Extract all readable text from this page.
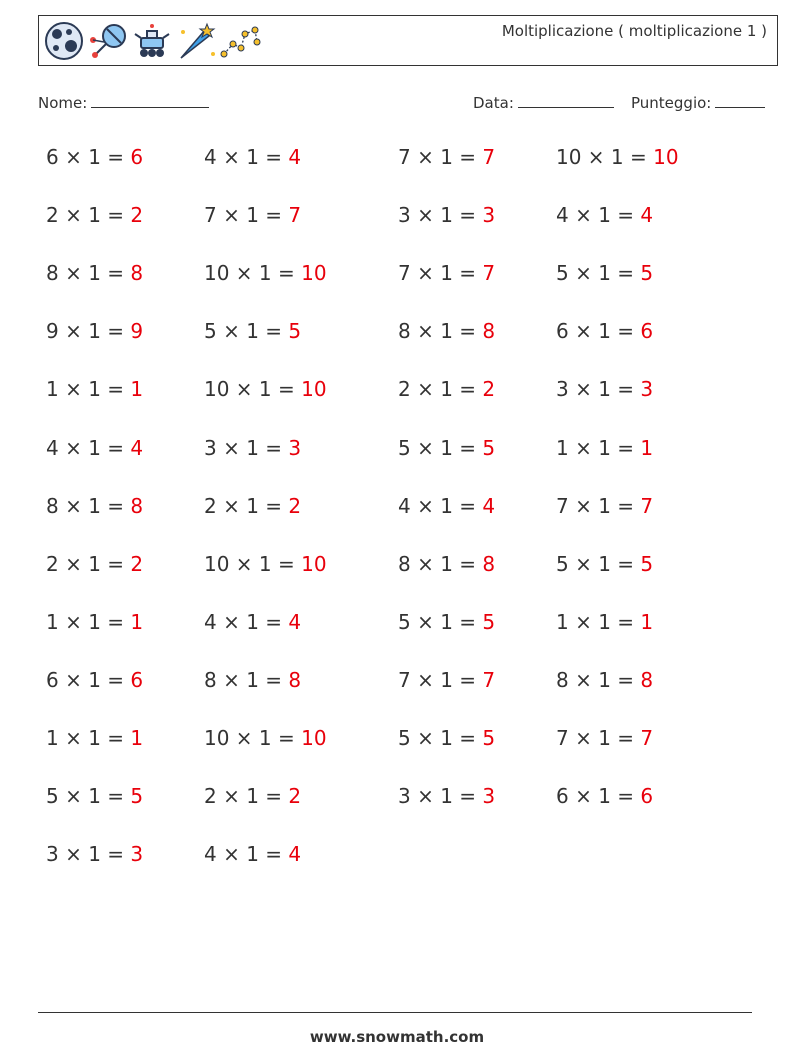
Moltiplicazione ( moltiplicazione 1 )
Nome:	Data:	Punteggio:
6 × 1 = 6	4 × 1 = 4	7 × 1 = 7	10 × 1 = 10
2 × 1 = 2	7 × 1 = 7	3 × 1 = 3	4 × 1 = 4
8 × 1 = 8	10 × 1 = 10	7 × 1 = 7	5 × 1 = 5
9 × 1 = 9	5 × 1 = 5	8 × 1 = 8	6 × 1 = 6
1 × 1 = 1	10 × 1 = 10	2 × 1 = 2	3 × 1 = 3
4 × 1 = 4	3 × 1 = 3	5 × 1 = 5	1 × 1 = 1
8 × 1 = 8	2 × 1 = 2	4 × 1 = 4	7 × 1 = 7
2 × 1 = 2	10 × 1 = 10	8 × 1 = 8	5 × 1 = 5
1 × 1 = 1	4 × 1 = 4	5 × 1 = 5	1 × 1 = 1
6 × 1 = 6	8 × 1 = 8	7 × 1 = 7	8 × 1 = 8
1 × 1 = 1	10 × 1 = 10	5 × 1 = 5	7 × 1 = 7
5 × 1 = 5	2 × 1 = 2	3 × 1 = 3	6 × 1 = 6
3 × 1 = 3	4 × 1 = 4
www.snowmath.com
